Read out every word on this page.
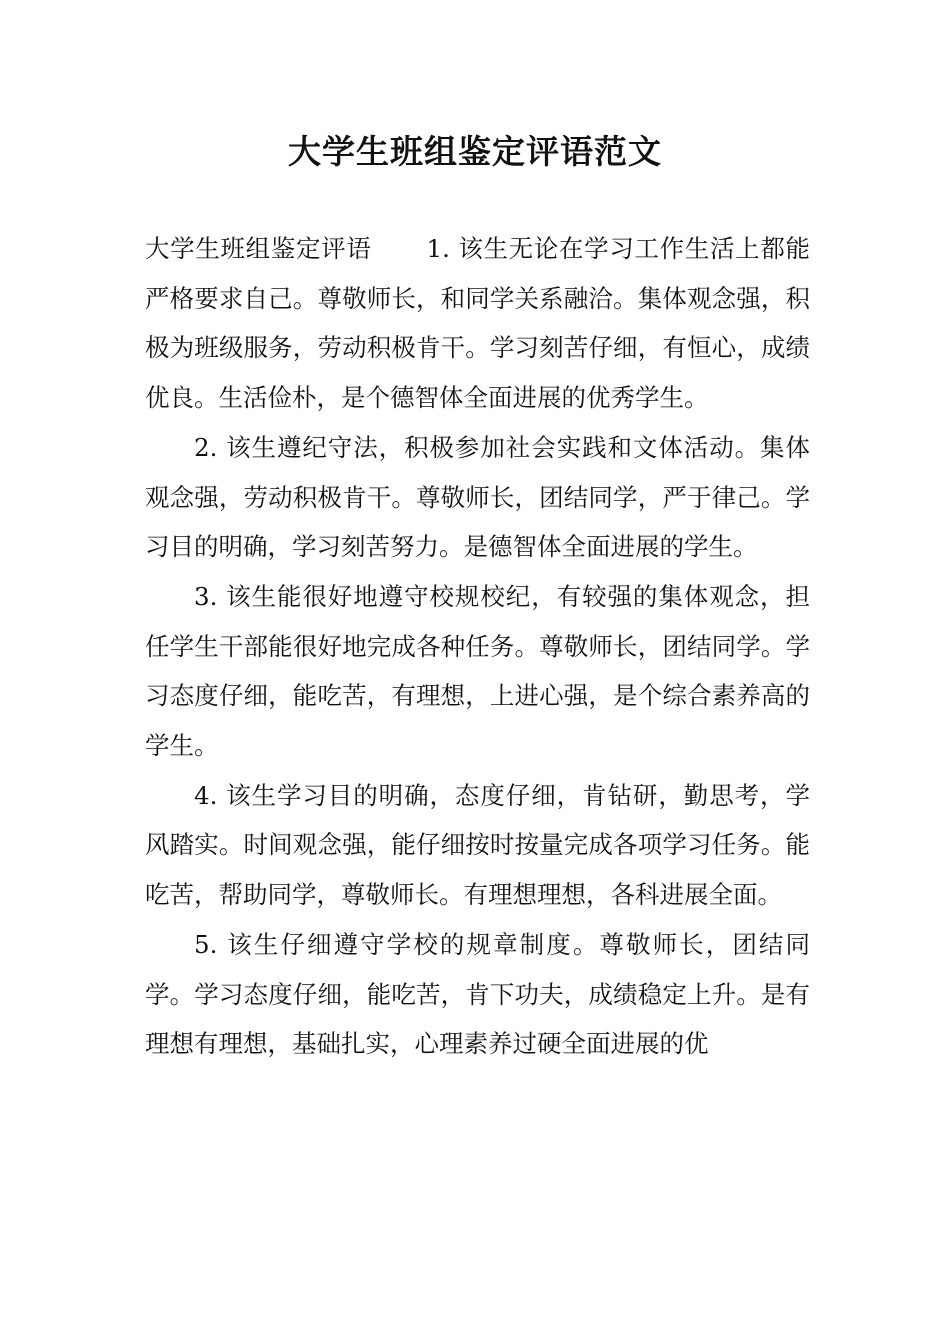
大学生班组鉴定评语范文

大学生班组鉴定评语 1. 该生无论在学习工作生活上都能严格要求自己。尊敬师长，和同学关系融洽。集体观念强，积极为班级服务，劳动积极肯干。学习刻苦仔细，有恒心，成绩优良。生活俭朴，是个德智体全面进展的优秀学生。

2. 该生遵纪守法，积极参加社会实践和文体活动。集体观念强，劳动积极肯干。尊敬师长，团结同学，严于律己。学习目的明确，学习刻苦努力。是德智体全面进展的学生。

3. 该生能很好地遵守校规校纪，有较强的集体观念，担任学生干部能很好地完成各种任务。尊敬师长，团结同学。学习态度仔细，能吃苦，有理想，上进心强，是个综合素养高的学生。

4. 该生学习目的明确，态度仔细，肯钻研，勤思考，学风踏实。时间观念强，能仔细按时按量完成各项学习任务。能吃苦，帮助同学，尊敬师长。有理想理想，各科进展全面。

5. 该生仔细遵守学校的规章制度。尊敬师长，团结同学。学习态度仔细，能吃苦，肯下功夫，成绩稳定上升。是有理想有理想，基础扎实，心理素养过硬全面进展的优
